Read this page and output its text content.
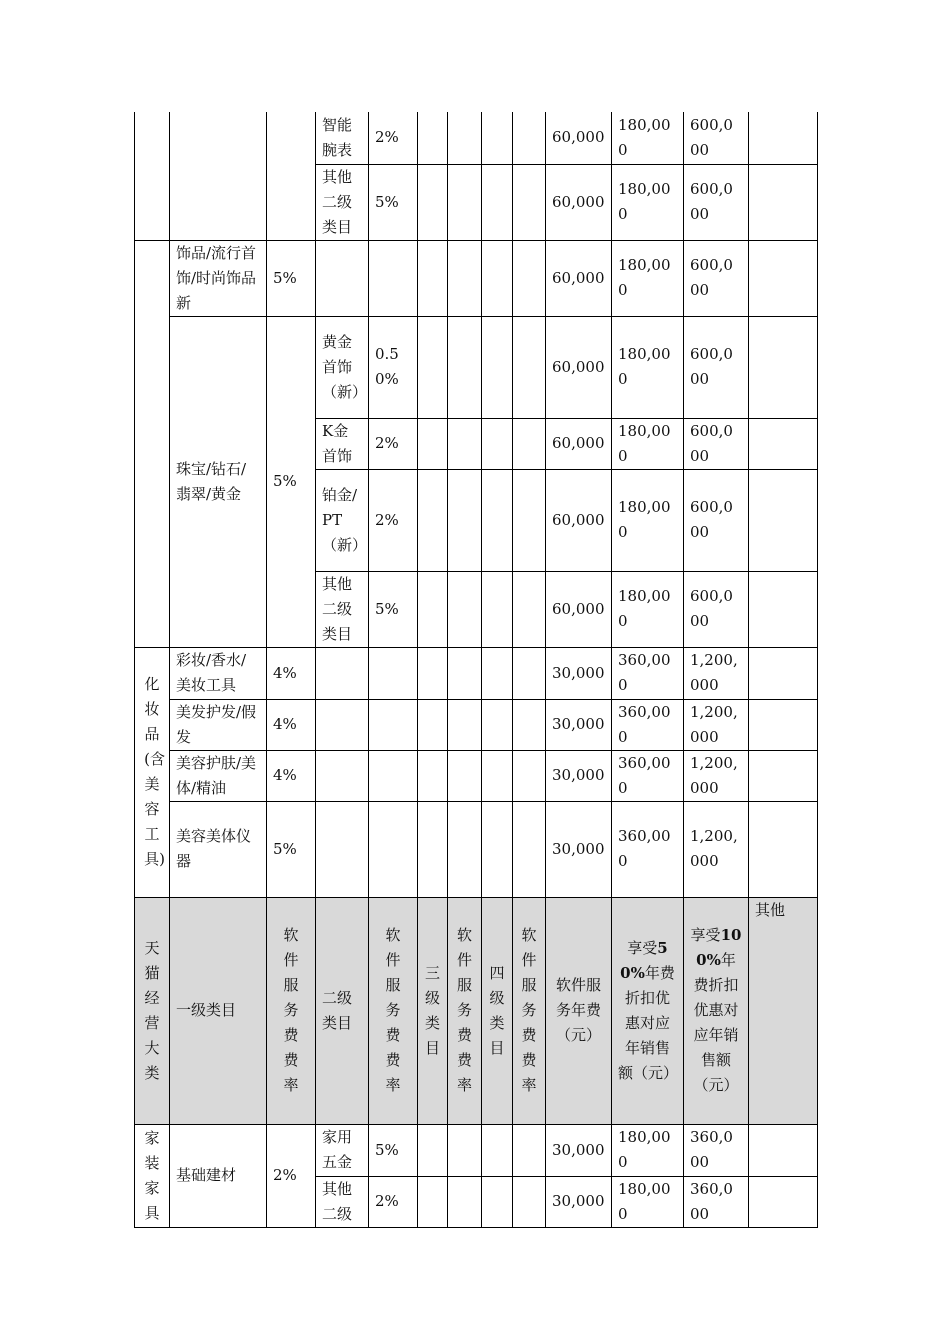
			智能腕表	2%					60,000	180,000	600,000	
			其他二级类目	5%					60,000	180,000	600,000	
	饰品/流行首饰/时尚饰品新	5%							60,000	180,000	600,000	
	珠宝/钻石/翡翠/黄金	5%	黄金首饰（新）	0.50%					60,000	180,000	600,000	
			K金首饰	2%					60,000	180,000	600,000	
			铂金/PT（新）	2%					60,000	180,000	600,000	
			其他二级类目	5%					60,000	180,000	600,000	
化妆品(含美容工具)	彩妆/香水/美妆工具	4%							30,000	360,000	1,200,000	
	美发护发/假发	4%							30,000	360,000	1,200,000	
	美容护肤/美体/精油	4%							30,000	360,000	1,200,000	
	美容美体仪器	5%							30,000	360,000	1,200,000	
天猫经营大类	一级类目	软件服务费费率	二级类目	软件服务费费率	三级类目	软件服务费费率	四级类目	软件服务费费率	软件服务年费（元）	享受50%年费折扣优惠对应年销售额（元）	享受100%年费折扣优惠对应年销售额（元）	其他
家装家具	基础建材	2%	家用五金	5%					30,000	180,000	360,000	
			其他二级	2%					30,000	180,000	360,000	
